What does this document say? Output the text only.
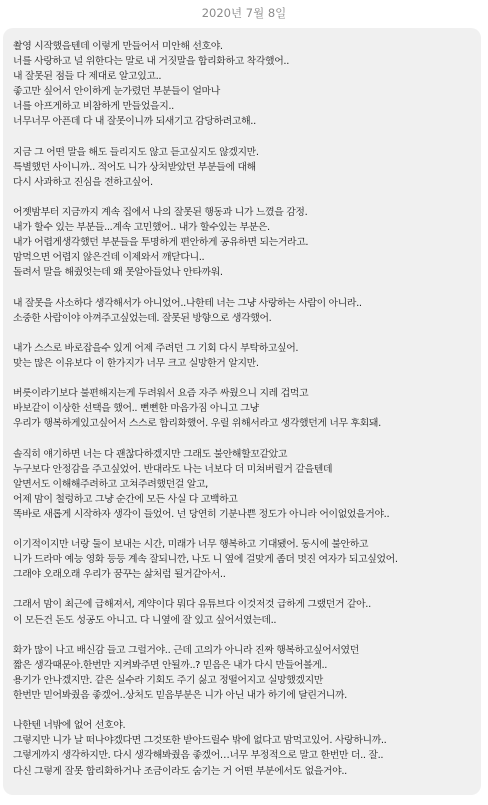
2020년 7월 8일
촬영 시작했을텐데 이렇게 만들어서 미안해 선호야.
너를 사랑하고 널 위한다는 말로 내 거짓말을 합리화하고 착각했어..
내 잘못된 점들 다 제대로 알고있고..
좋고만 싶어서 안이하게 눈가렸던 부분들이 얼마나
너를 아프게하고 비참하게 만들었을지..
너무너무 아픈데 다 내 잘못이니까 되새기고 감당하려고해..
지금 그 어떤 말을 해도 들리지도 않고 듣고싶지도 않겠지만.
특별했던 사이니까.. 적어도 니가 상처받았던 부분들에 대해
다시 사과하고 진심을 전하고싶어.
어젯밤부터 지금까지 계속 집에서 나의 잘못된 행동과 니가 느꼈을 감정.
내가 할수 있는 부분들...계속 고민했어.. 내가 할수있는 부분은.
내가 어렵게생각했던 부분들을 투명하게 편안하게 공유하면 되는거라고.
맘먹으면 어렵지 않은건데 이제와서 깨닫다니..
돌려서 말을 해줬엇는데 왜 못알아들었나 안타까워.
내 잘못을 사소하다 생각해서가 아니었어..나한테 너는 그냥 사랑하는 사람이 아니라..
소중한 사람이야 아껴주고싶었는데. 잘못된 방향으로 생각했어.
내가 스스로 바로잡을수 있게 어제 주려던 그 기회 다시 부탁하고싶어.
맞는 많은 이유보다 이 한가지가 너무 크고 실망한거 알지만.
버릇이라기보다 불편해지는게 두려워서 요즘 자주 싸웠으니 지레 겁먹고
바보같이 이상한 선택을 했어.. 뻔뻔한 마음가짐 아니고 그냥
우리가 행복하게있고싶어서 스스로 합리화했어. 우릴 위해서라고 생각했던게 너무 후회돼.
솔직히 얘기하면 너는 다 괜찮다하겠지만 그래도 불안해할꼬같았고
누구보다 안정감을 주고싶었어. 반대라도 나는 너보다 더 미쳐버릴거 같을텐데
알면서도 이해해주려하고 고쳐주려했던걸 알고,
어제 맘이 철렁하고 그냥 순간에 모든 사실 다 고백하고
똑바로 새롭게 시작하자 생각이 들었어. 넌 당연히 기분나쁜 정도가 아니라 어이없었을거야..
이기적이지만 너랑 둘이 보내는 시간, 미래가 너무 행복하고 기대됐어. 동시에 불안하고
니가 드라마 예능 영화 등등 계속 잘되니깐, 나도 니 옆에 걸맞게 좀더 멋진 여자가 되고싶었어.
그래야 오래오래 우리가 꿈꾸는 삶처럼 될거같아서..
그래서 맘이 최근에 급해져서, 계약이다 뭐다 유튜브다 이것저것 급하게 그랬던거 같아..
이 모든건 돈도 성공도 아니고. 다 니옆에 잘 있고 싶어서였는데..
화가 많이 나고 배신감 들고 그럴거야.. 근데 고의가 아니라 진짜 행복하고싶어서였던
짧은 생각때문아.한번만 지켜봐주면 안될까..? 믿음은 내가 다시 만들어볼게..
용기가 안나겠지만. 같은 실수라 기회도 주기 싫고 정떨어지고 실망했겠지만
한번만 믿어봐줬음 좋겠어..상처도 믿음부분은 니가 아닌 내가 하기에 달린거니까.
나한텐 너밖에 없어 선호야.
그렇지만 니가 날 떠나야겠다면 그것또한 받아드릴수 밖에 없다고 맘먹고있어. 사랑하니까..
그렇게까지 생각하지만. 다시 생각해봐줬음 좋겠어…너무 부정적으로 말고 한번만 더.. 잘..
다신 그렇게 잘못 합리화하거나 조금이라도 숨기는 거 어떤 부분에서도 없을거야..
